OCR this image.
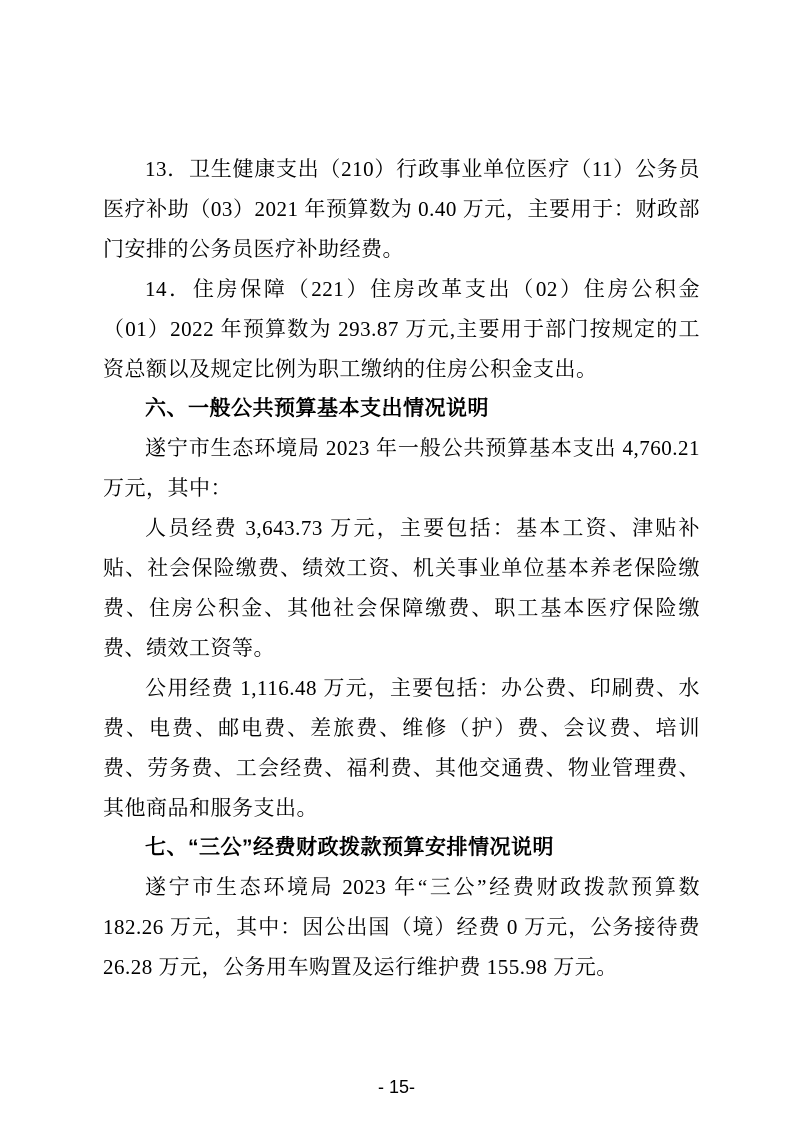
13．卫生健康支出（210）行政事业单位医疗（11）公务员医疗补助（03）2021 年预算数为 0.40 万元，主要用于：财政部门安排的公务员医疗补助经费。

14．住房保障（221）住房改革支出（02）住房公积金（01）2022 年预算数为 293.87 万元,主要用于部门按规定的工资总额以及规定比例为职工缴纳的住房公积金支出。

六、一般公共预算基本支出情况说明

遂宁市生态环境局 2023 年一般公共预算基本支出 4,760.21 万元，其中：

人员经费 3,643.73 万元，主要包括：基本工资、津贴补贴、社会保险缴费、绩效工资、机关事业单位基本养老保险缴费、住房公积金、其他社会保障缴费、职工基本医疗保险缴费、绩效工资等。

公用经费 1,116.48 万元，主要包括：办公费、印刷费、水费、电费、邮电费、差旅费、维修（护）费、会议费、培训费、劳务费、工会经费、福利费、其他交通费、物业管理费、其他商品和服务支出。

七、“三公”经费财政拨款预算安排情况说明

遂宁市生态环境局 2023 年“三公”经费财政拨款预算数 182.26 万元，其中：因公出国（境）经费 0 万元，公务接待费 26.28 万元，公务用车购置及运行维护费 155.98 万元。

- 15-
